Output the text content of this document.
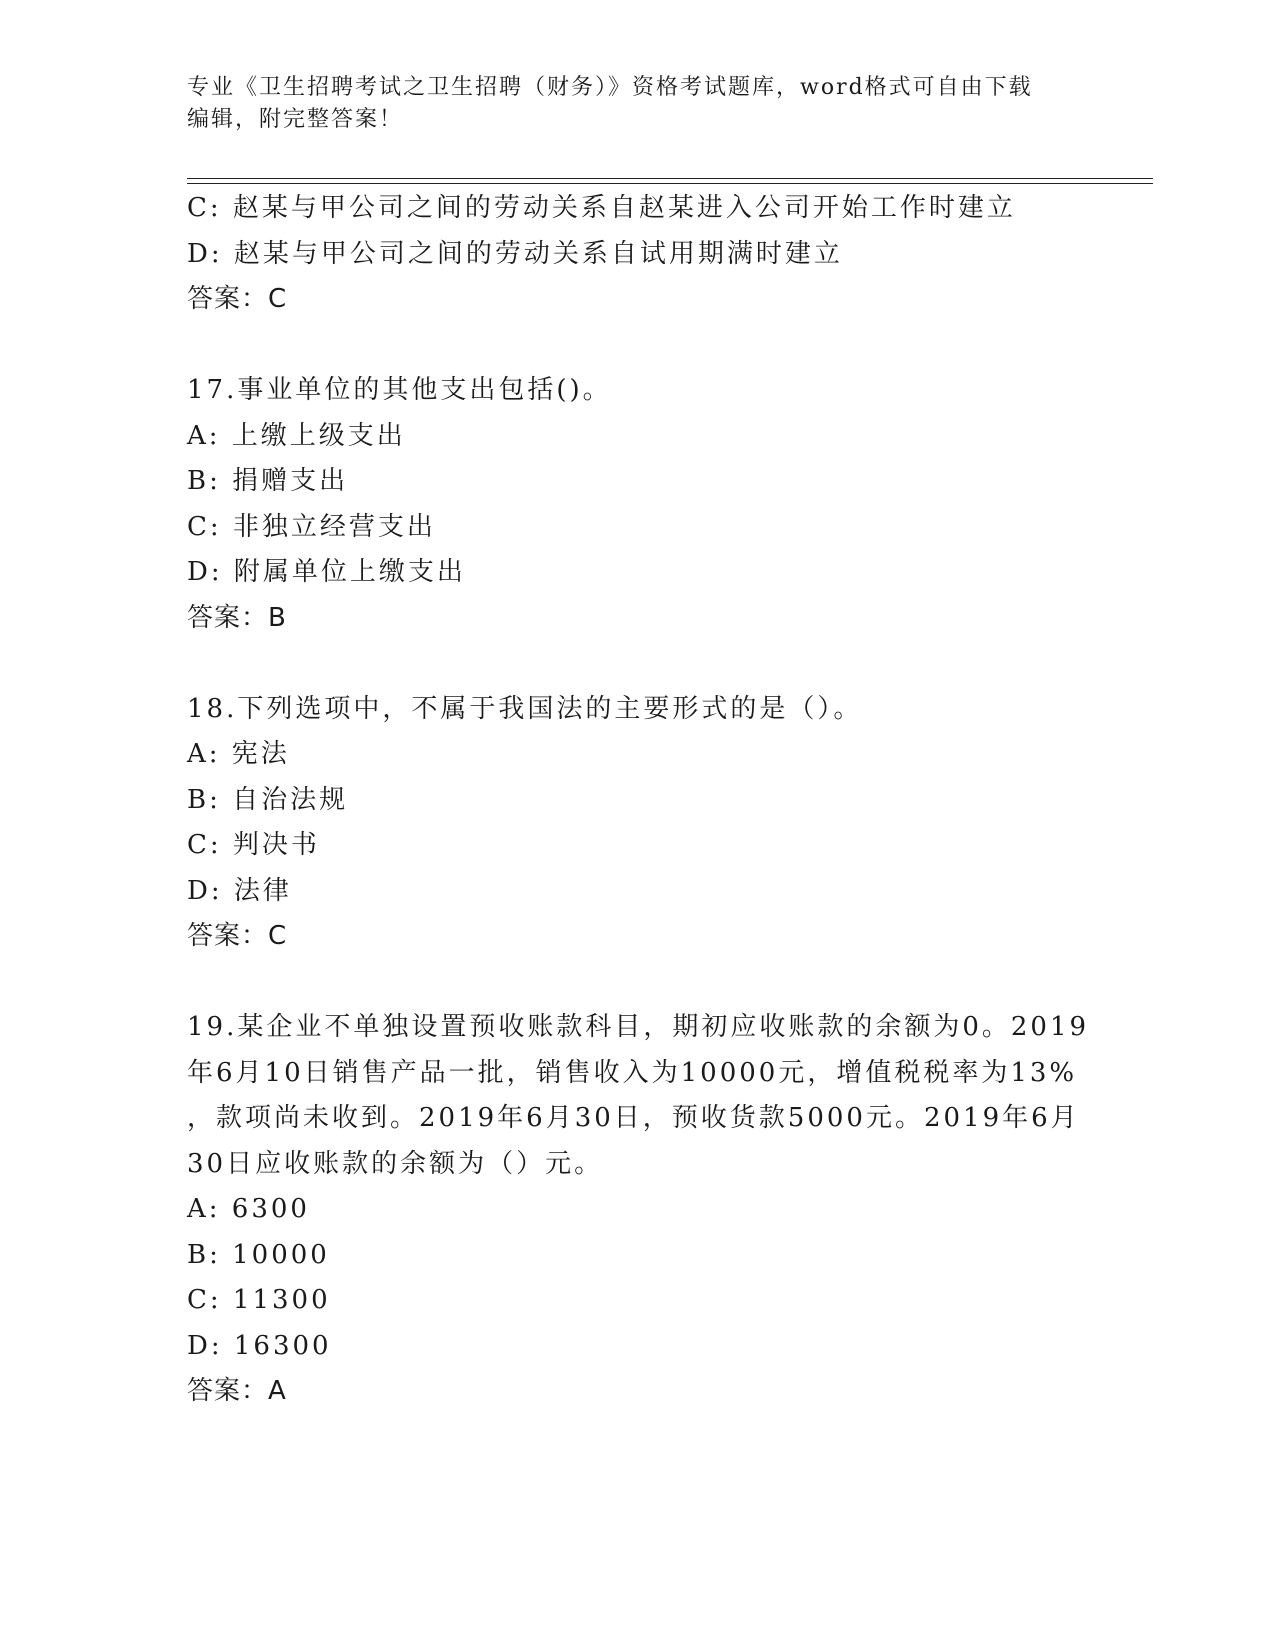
专业《卫生招聘考试之卫生招聘（财务）》资格考试题库，word格式可自由下载
编辑，附完整答案！
C: 赵某与甲公司之间的劳动关系自赵某进入公司开始工作时建立
D: 赵某与甲公司之间的劳动关系自试用期满时建立
答案：C
17.事业单位的其他支出包括()。
A: 上缴上级支出
B: 捐赠支出
C: 非独立经营支出
D: 附属单位上缴支出
答案：B
18.下列选项中，不属于我国法的主要形式的是（）。
A: 宪法
B: 自治法规
C: 判决书
D: 法律
答案：C
19.某企业不单独设置预收账款科目，期初应收账款的余额为0。2019
年6月10日销售产品一批，销售收入为10000元，增值税税率为13%
，款项尚未收到。2019年6月30日，预收货款5000元。2019年6月
30日应收账款的余额为（）元。
A: 6300
B: 10000
C: 11300
D: 16300
答案：A
